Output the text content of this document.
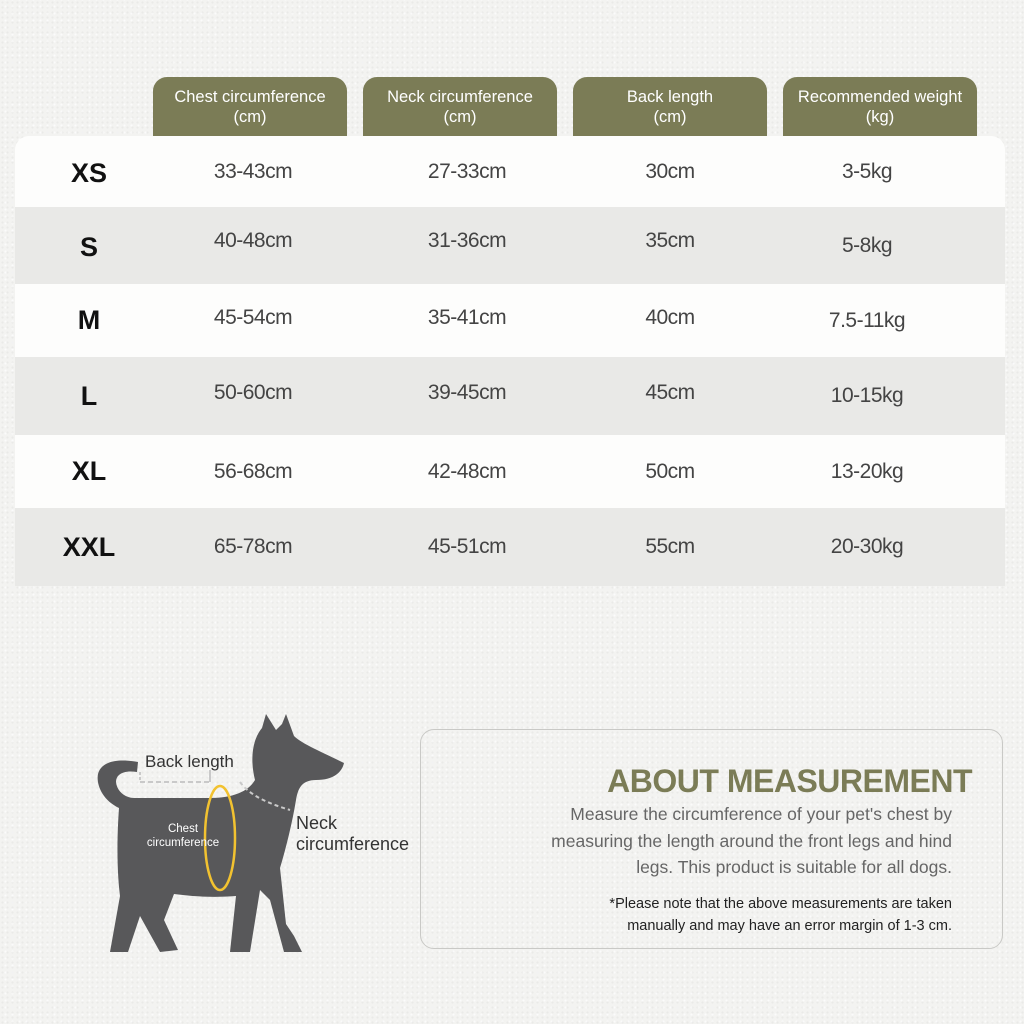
Chest circumference
(cm)
Neck circumference
(cm)
Back length
(cm)
Recommended weight
(kg)
XS	33-43cm	27-33cm	30cm	3-5kg
S	40-48cm	31-36cm	35cm	5-8kg
M	45-54cm	35-41cm	40cm	7.5-11kg
L	50-60cm	39-45cm	45cm	10-15kg
XL	56-68cm	42-48cm	50cm	13-20kg
XXL	65-78cm	45-51cm	55cm	20-30kg
Back length
Chest
circumference
Neck
circumference
ABOUT MEASUREMENT
Measure the circumference of your pet's chest by
measuring the length around the front legs and hind
legs. This product is suitable for all dogs.
*Please note that the above measurements are taken
manually and may have an error margin of 1-3 cm.
